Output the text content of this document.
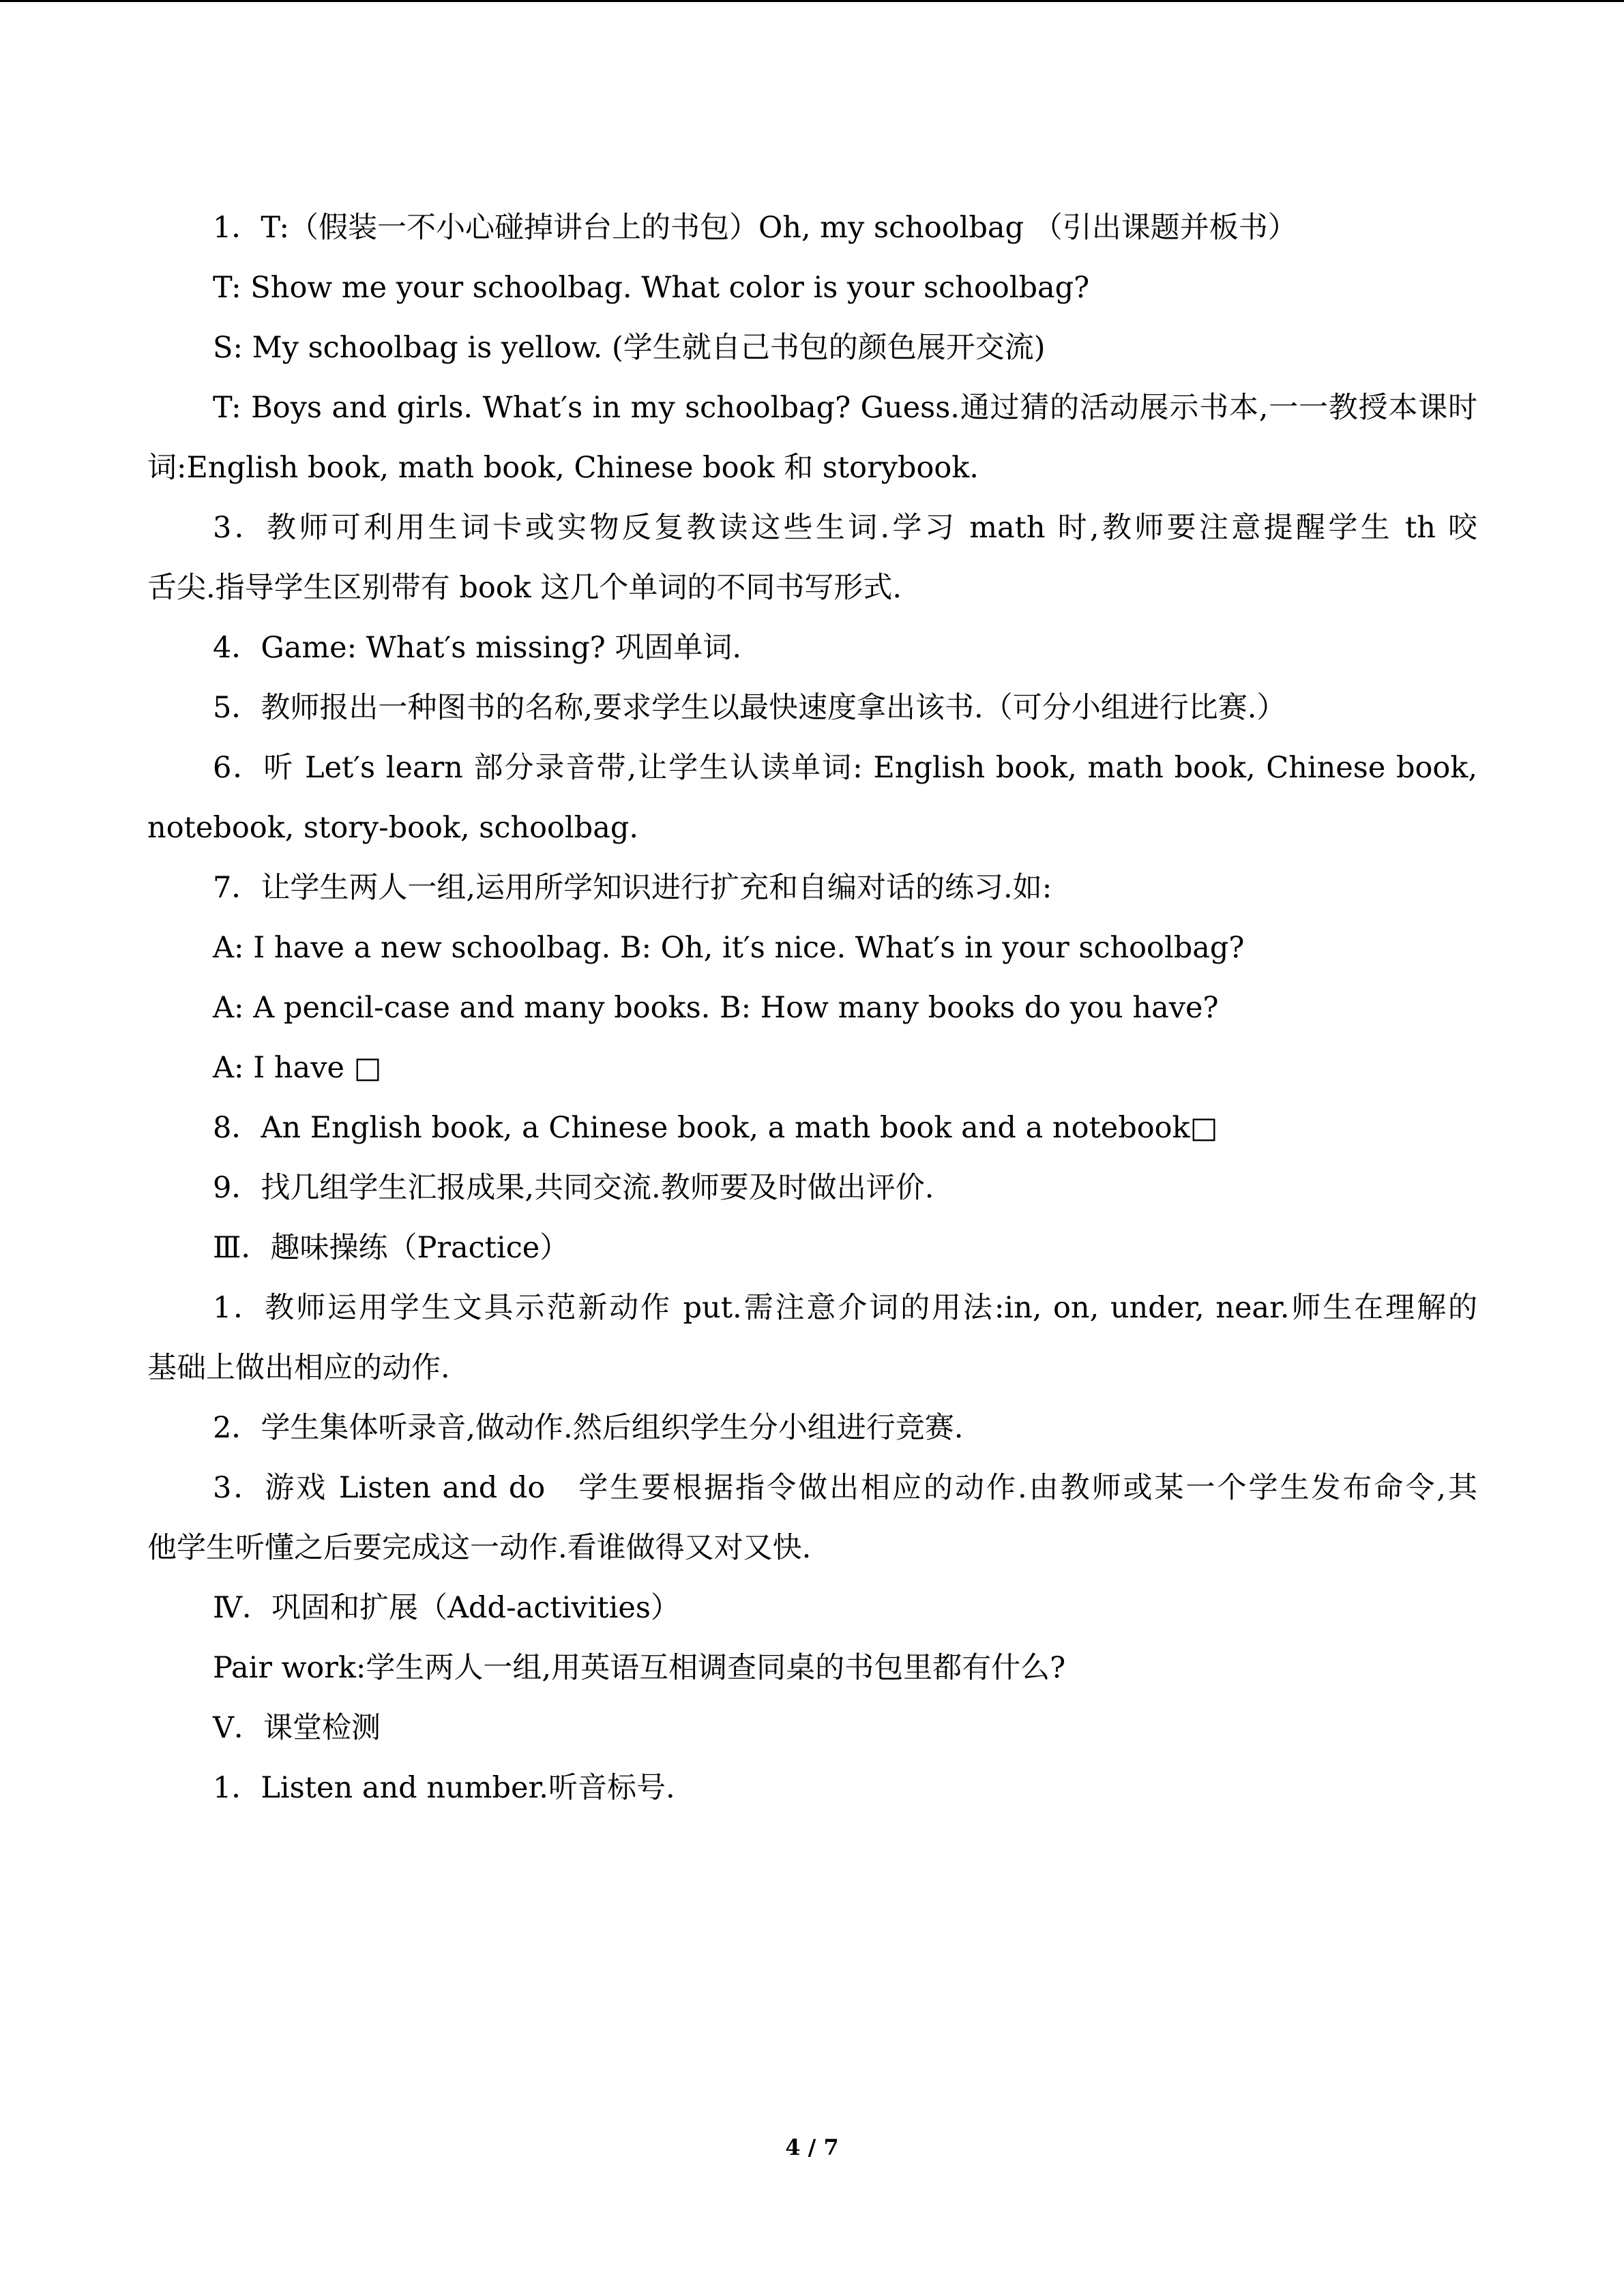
1．T:（假装一不小心碰掉讲台上的书包）Oh, my schoolbag （引出课题并板书）
T: Show me your schoolbag. What color is your schoolbag?
S: My schoolbag is yellow. (学生就自己书包的颜色展开交流)
T: Boys and girls. What′s in my schoolbag? Guess.通过猜的活动展示书本,一一教授本课时
词:English book, math book, Chinese book 和 storybook.
3．教师可利用生词卡或实物反复教读这些生词.学习 math 时,教师要注意提醒学生 th 咬
舌尖.指导学生区别带有 book 这几个单词的不同书写形式.
4．Game: What′s missing? 巩固单词.
5．教师报出一种图书的名称,要求学生以最快速度拿出该书.（可分小组进行比赛.）
6．听 Let′s learn 部分录音带,让学生认读单词: English book, math book, Chinese book,
notebook, story-book, schoolbag.
7．让学生两人一组,运用所学知识进行扩充和自编对话的练习.如:
A: I have a new schoolbag. B: Oh, it′s nice. What′s in your schoolbag?
A: A pencil-case and many books. B: How many books do you have?
A: I have □
8．An English book, a Chinese book, a math book and a notebook□
9．找几组学生汇报成果,共同交流.教师要及时做出评价.
Ⅲ．趣味操练（Practice）
1．教师运用学生文具示范新动作 put.需注意介词的用法:in, on, under, near.师生在理解的
基础上做出相应的动作.
2．学生集体听录音,做动作.然后组织学生分小组进行竞赛.
3．游戏 Listen and do　学生要根据指令做出相应的动作.由教师或某一个学生发布命令,其
他学生听懂之后要完成这一动作.看谁做得又对又快.
Ⅳ．巩固和扩展（Add-activities）
Pair work:学生两人一组,用英语互相调查同桌的书包里都有什么?
Ⅴ．课堂检测
1．Listen and number.听音标号.
4 / 7
